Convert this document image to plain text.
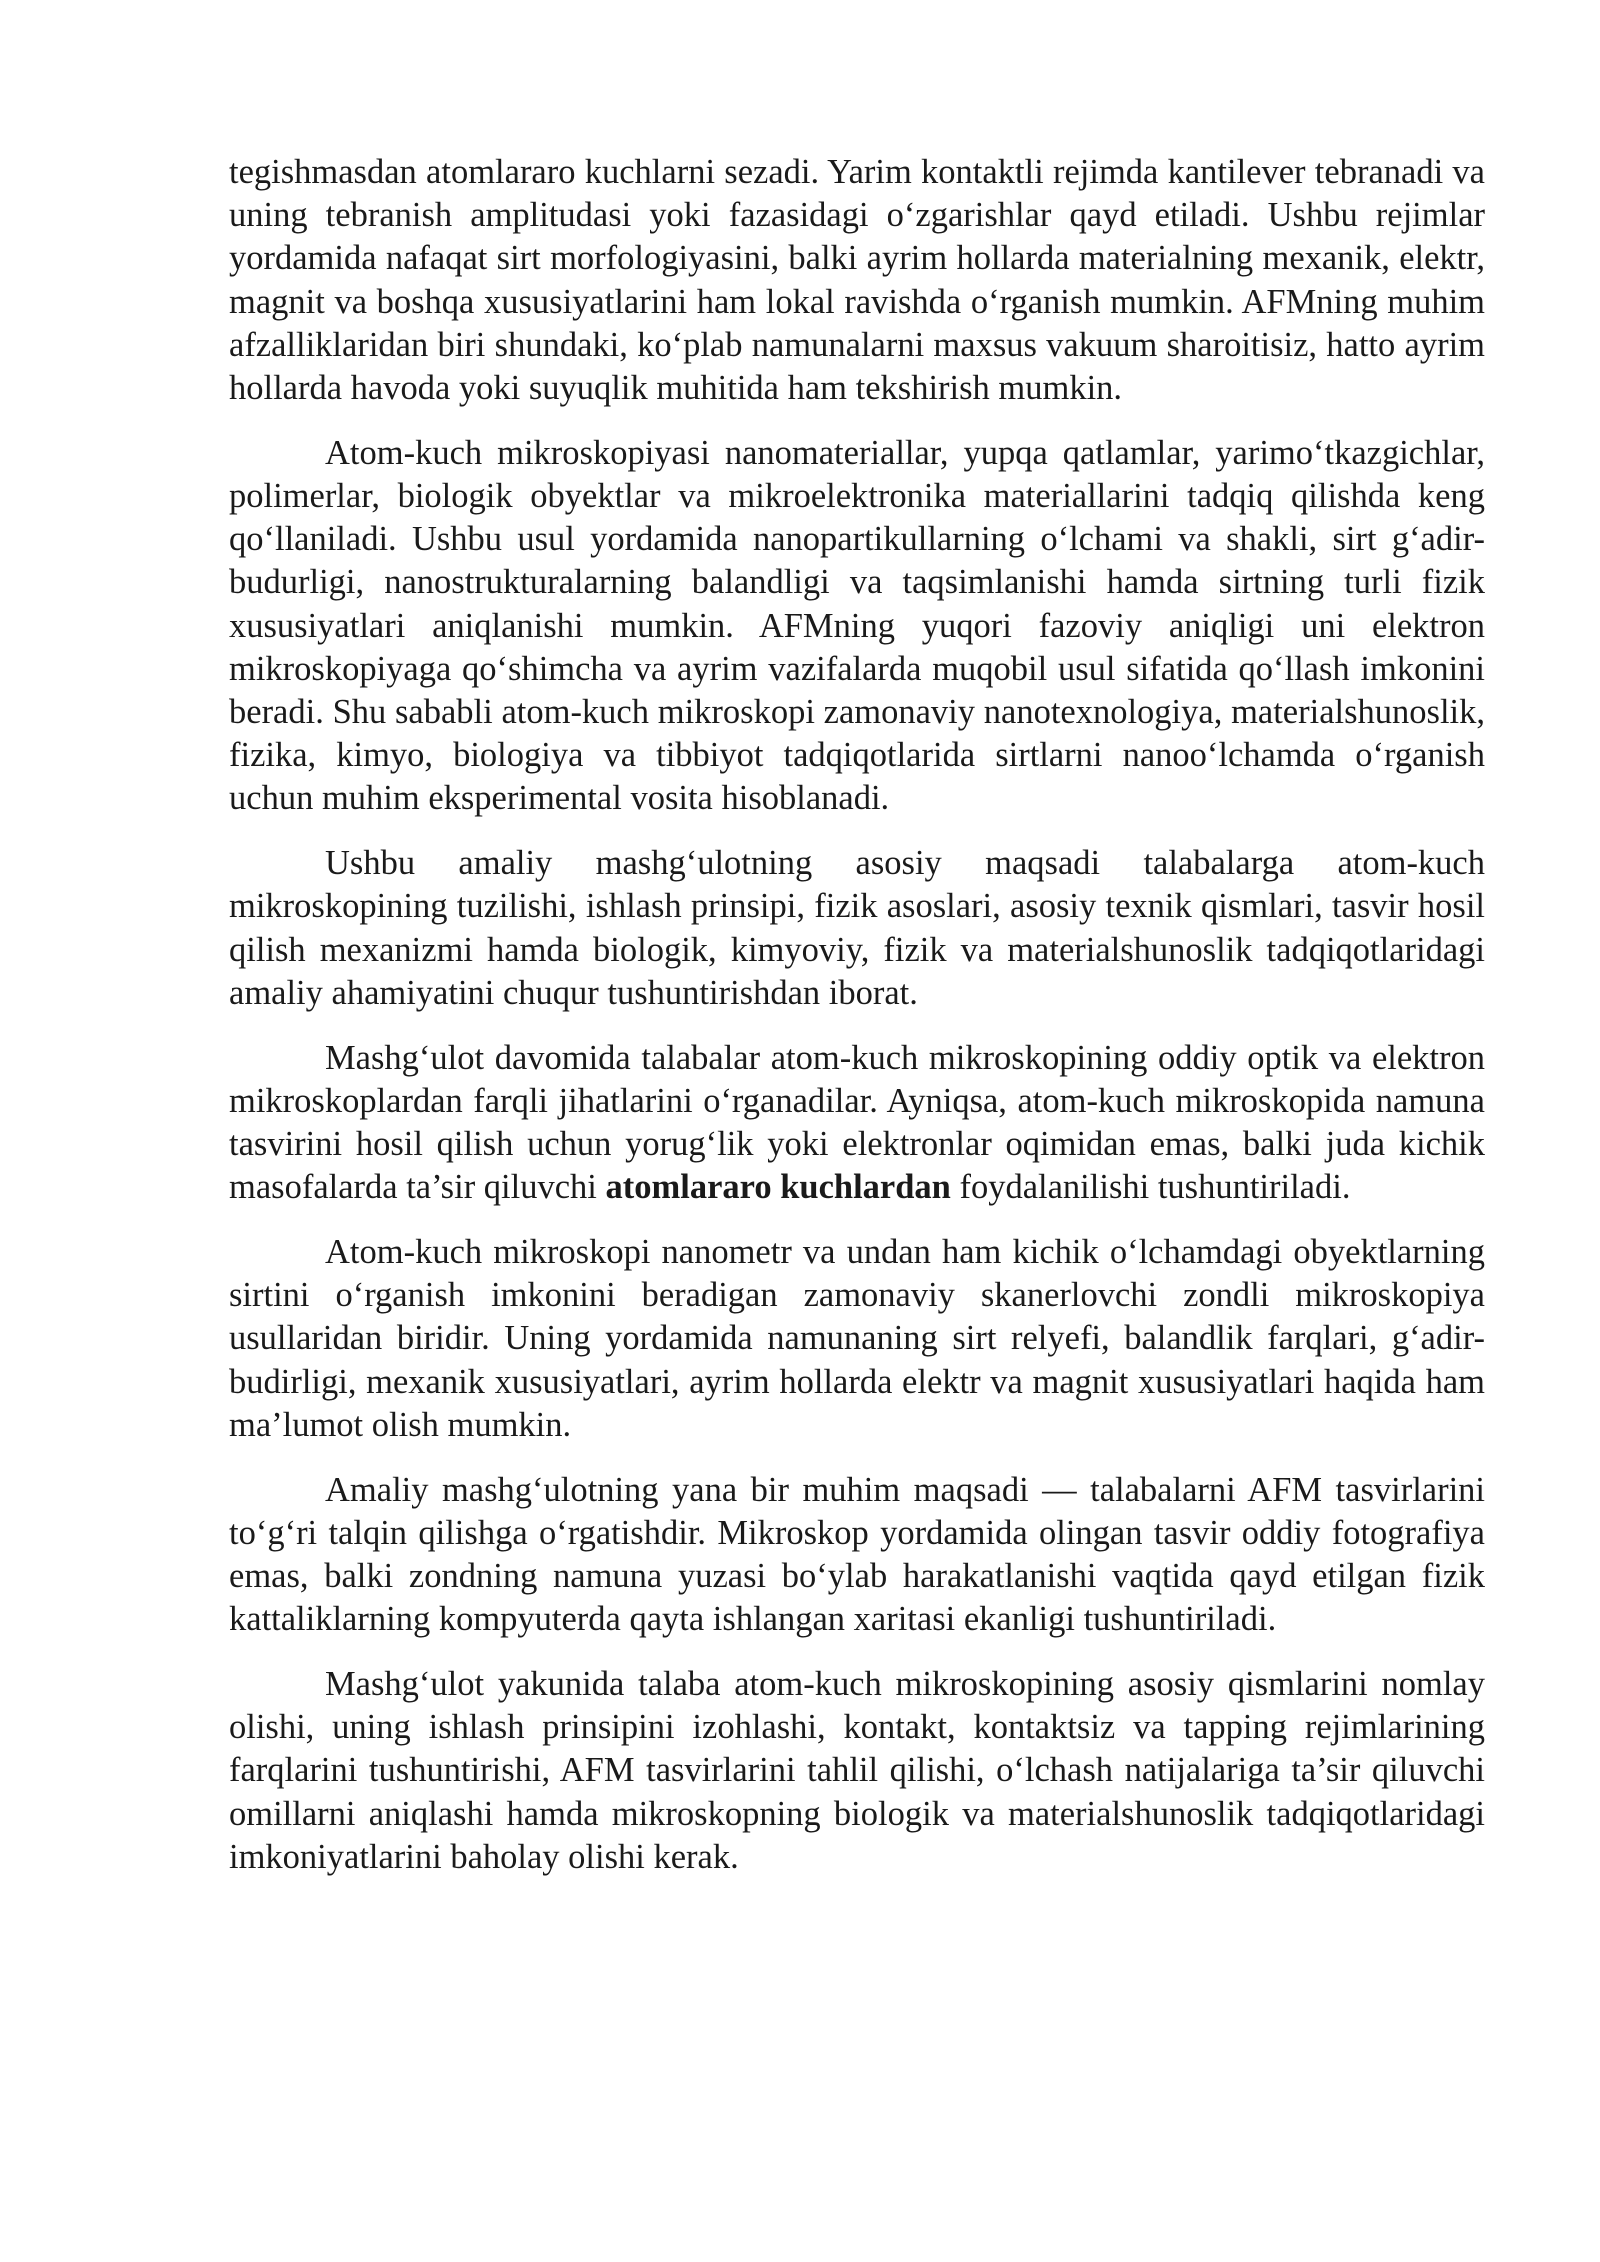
tegishmasdan atomlararo kuchlarni sezadi. Yarim kontaktli rejimda kantilever tebranadi va uning tebranish amplitudasi yoki fazasidagi o‘zgarishlar qayd etiladi. Ushbu rejimlar yordamida nafaqat sirt morfologiyasini, balki ayrim hollarda materialning mexanik, elektr, magnit va boshqa xususiyatlarini ham lokal ravishda o‘rganish mumkin. AFMning muhim afzalliklaridan biri shundaki, ko‘plab namunalarni maxsus vakuum sharoitisiz, hatto ayrim hollarda havoda yoki suyuqlik muhitida ham tekshirish mumkin.

Atom-kuch mikroskopiyasi nanomateriallar, yupqa qatlamlar, yarimo‘tkazgichlar, polimerlar, biologik obyektlar va mikroelektronika materiallarini tadqiq qilishda keng qo‘llaniladi. Ushbu usul yordamida nanopartikullarning o‘lchami va shakli, sirt g‘adir-budurligi, nanostrukturalarning balandligi va taqsimlanishi hamda sirtning turli fizik xususiyatlari aniqlanishi mumkin. AFMning yuqori fazoviy aniqligi uni elektron mikroskopiyaga qo‘shimcha va ayrim vazifalarda muqobil usul sifatida qo‘llash imkonini beradi. Shu sababli atom-kuch mikroskopi zamonaviy nanotexnologiya, materialshunoslik, fizika, kimyo, biologiya va tibbiyot tadqiqotlarida sirtlarni nanoo‘lchamda o‘rganish uchun muhim eksperimental vosita hisoblanadi.

Ushbu amaliy mashg‘ulotning asosiy maqsadi talabalarga atom-kuch mikroskopining tuzilishi, ishlash prinsipi, fizik asoslari, asosiy texnik qismlari, tasvir hosil qilish mexanizmi hamda biologik, kimyoviy, fizik va materialshunoslik tadqiqotlaridagi amaliy ahamiyatini chuqur tushuntirishdan iborat.

Mashg‘ulot davomida talabalar atom-kuch mikroskopining oddiy optik va elektron mikroskoplardan farqli jihatlarini o‘rganadilar. Ayniqsa, atom-kuch mikroskopida namuna tasvirini hosil qilish uchun yorug‘lik yoki elektronlar oqimidan emas, balki juda kichik masofalarda ta’sir qiluvchi atomlararo kuchlardan foydalanilishi tushuntiriladi.

Atom-kuch mikroskopi nanometr va undan ham kichik o‘lchamdagi obyektlarning sirtini o‘rganish imkonini beradigan zamonaviy skanerlovchi zondli mikroskopiya usullaridan biridir. Uning yordamida namunaning sirt relyefi, balandlik farqlari, g‘adir-budirligi, mexanik xususiyatlari, ayrim hollarda elektr va magnit xususiyatlari haqida ham ma’lumot olish mumkin.

Amaliy mashg‘ulotning yana bir muhim maqsadi — talabalarni AFM tasvirlarini to‘g‘ri talqin qilishga o‘rgatishdir. Mikroskop yordamida olingan tasvir oddiy fotografiya emas, balki zondning namuna yuzasi bo‘ylab harakatlanishi vaqtida qayd etilgan fizik kattaliklarning kompyuterda qayta ishlangan xaritasi ekanligi tushuntiriladi.

Mashg‘ulot yakunida talaba atom-kuch mikroskopining asosiy qismlarini nomlay olishi, uning ishlash prinsipini izohlashi, kontakt, kontaktsiz va tapping rejimlarining farqlarini tushuntirishi, AFM tasvirlarini tahlil qilishi, o‘lchash natijalariga ta’sir qiluvchi omillarni aniqlashi hamda mikroskopning biologik va materialshunoslik tadqiqotlaridagi imkoniyatlarini baholay olishi kerak.
